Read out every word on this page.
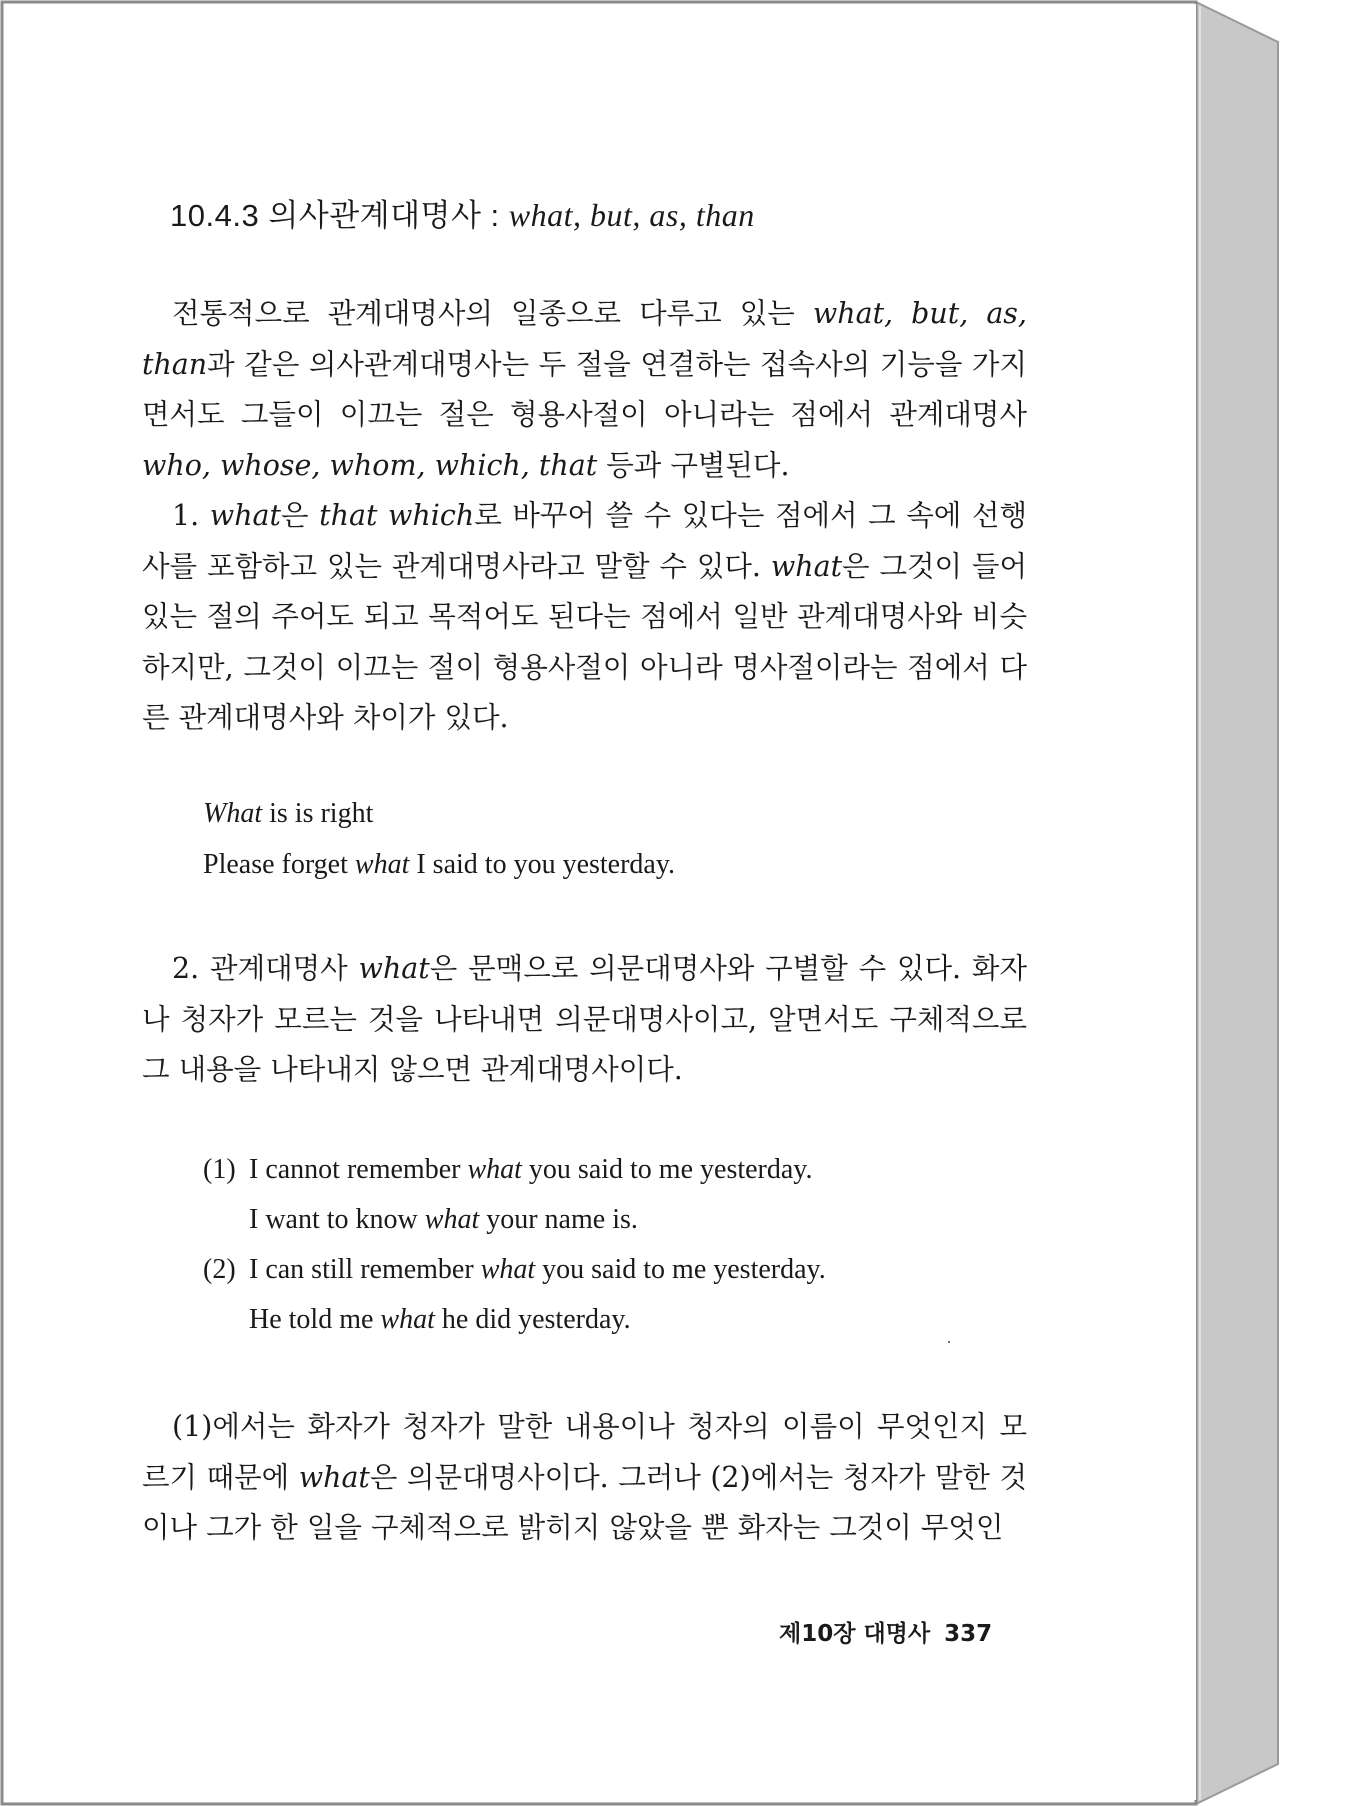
10.4.3 의사관계대명사 : what, but, as, than
전통적으로 관계대명사의 일종으로 다루고 있는 what, but, as, than과 같은 의사관계대명사는 두 절을 연결하는 접속사의 기능을 가지면서도 그들이 이끄는 절은 형용사절이 아니라는 점에서 관계대명사 who, whose, whom, which, that 등과 구별된다.
1. what은 that which로 바꾸어 쓸 수 있다는 점에서 그 속에 선행사를 포함하고 있는 관계대명사라고 말할 수 있다. what은 그것이 들어있는 절의 주어도 되고 목적어도 된다는 점에서 일반 관계대명사와 비슷하지만, 그것이 이끄는 절이 형용사절이 아니라 명사절이라는 점에서 다른 관계대명사와 차이가 있다.
What is is right
Please forget what I said to you yesterday.
2. 관계대명사 what은 문맥으로 의문대명사와 구별할 수 있다. 화자나 청자가 모르는 것을 나타내면 의문대명사이고, 알면서도 구체적으로 그 내용을 나타내지 않으면 관계대명사이다.
(1) I cannot remember what you said to me yesterday.
I want to know what your name is.
(2) I can still remember what you said to me yesterday.
He told me what he did yesterday.
(1)에서는 화자가 청자가 말한 내용이나 청자의 이름이 무엇인지 모르기 때문에 what은 의문대명사이다. 그러나 (2)에서는 청자가 말한 것이나 그가 한 일을 구체적으로 밝히지 않았을 뿐 화자는 그것이 무엇인
제10장 대명사 337
